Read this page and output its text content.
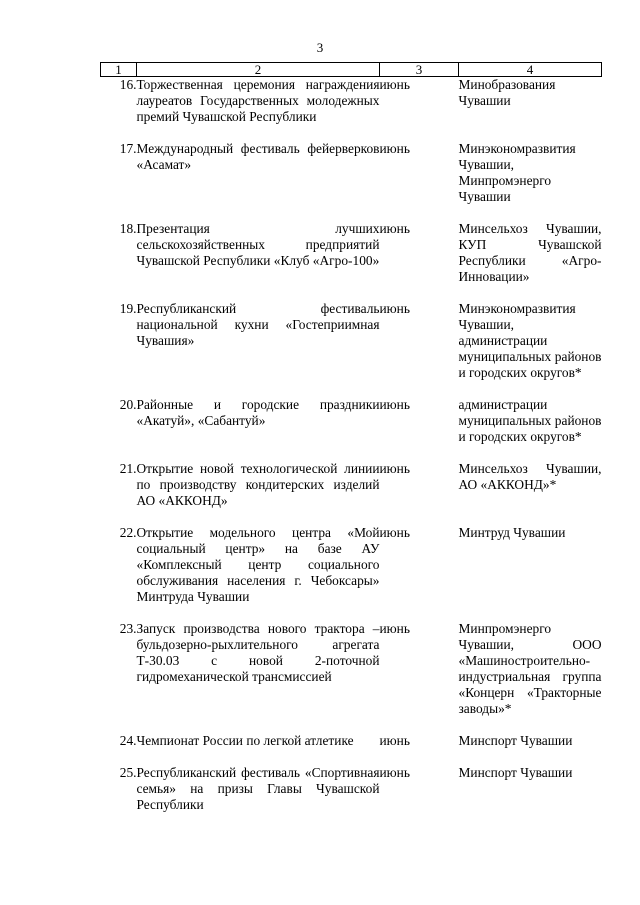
3
1	2	3	4
16.	Торжественная церемония награждения лауреатов Государственных молодежных премий Чувашской Республики	июнь	Минобразования Чувашии
17.	Международный фестиваль фейерверков «Асамат»	июнь	Минэкономразвития Чувашии, Минпромэнерго Чувашии
18.	Презентация лучших сельскохозяйственных предприятий Чувашской Республики «Клуб «Агро-100»	июнь	Минсельхоз Чувашии, КУП Чувашской Республики «Агро-Инновации»
19.	Республиканский фестиваль национальной кухни «Гостеприимная Чувашия»	июнь	Минэкономразвития Чувашии, администрации муниципальных районов и городских округов*
20.	Районные и городские праздники «Акатуй», «Сабантуй»	июнь	администрации муниципальных районов и городских округов*
21.	Открытие новой технологической линии по производству кондитерских изделий АО «АККОНД»	июнь	Минсельхоз Чувашии, АО «АККОНД»*
22.	Открытие модельного центра «Мой социальный центр» на базе АУ «Комплексный центр социального обслуживания населения г. Чебоксары» Минтруда Чувашии	июнь	Минтруд Чувашии
23.	Запуск производства нового трактора – бульдозерно-рыхлительного агрегата Т-30.03 с новой 2-поточной гидромеханической трансмиссией	июнь	Минпромэнерго Чувашии, ООО «Машиностроительно-индустриальная группа «Концерн «Тракторные заводы»*
24.	Чемпионат России по легкой атлетике	июнь	Минспорт Чувашии
25.	Республиканский фестиваль «Спортивная семья» на призы Главы Чувашской Республики	июнь	Минспорт Чувашии
